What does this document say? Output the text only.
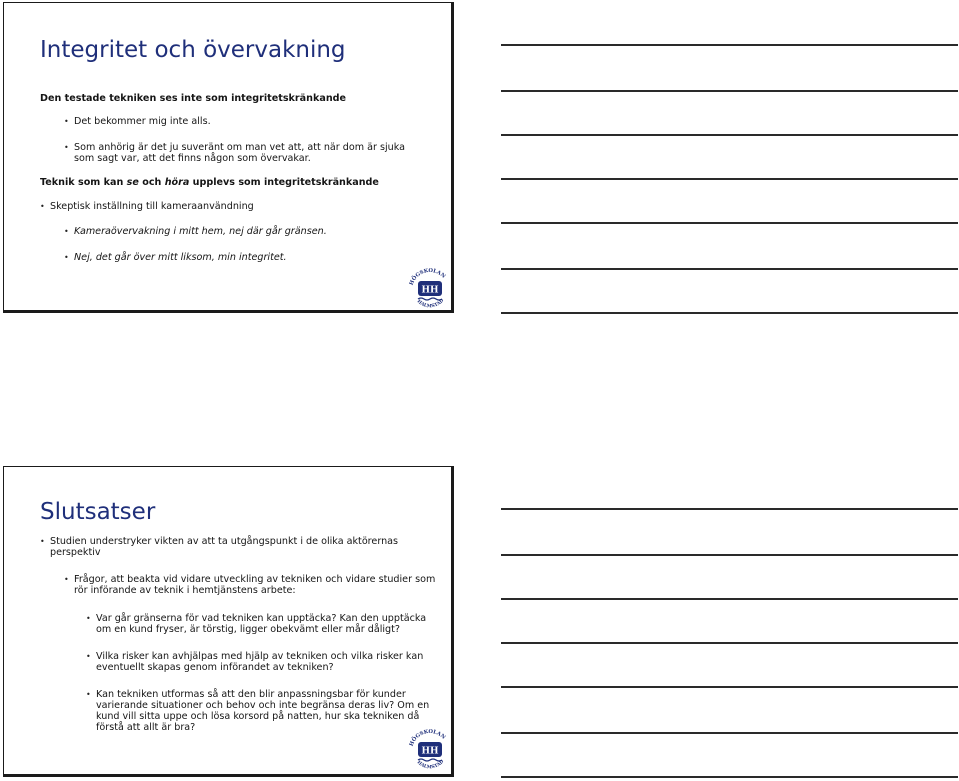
Integritet och övervakning
Den testade tekniken ses inte som integritetskränkande
• Det bekommer mig inte alls.
• Som anhörig är det ju suveränt om man vet att, att när dom är sjuka som sagt var, att det finns någon som övervakar.
Teknik som kan se och höra upplevs som integritetskränkande
• Skeptisk inställning till kameraanvändning
• Kameraövervakning i mitt hem, nej där går gränsen.
• Nej, det går över mitt liksom, min integritet.
HÖGSKOLAN
HH
HALMSTAD
Slutsatser
• Studien understryker vikten av att ta utgångspunkt i de olika aktörernas perspektiv
• Frågor, att beakta vid vidare utveckling av tekniken och vidare studier som rör införande av teknik i hemtjänstens arbete:
• Var går gränserna för vad tekniken kan upptäcka? Kan den upptäcka om en kund fryser, är törstig, ligger obekvämt eller mår dåligt?
• Vilka risker kan avhjälpas med hjälp av tekniken och vilka risker kan eventuellt skapas genom införandet av tekniken?
• Kan tekniken utformas så att den blir anpassningsbar för kunder varierande situationer och behov och inte begränsa deras liv? Om en kund vill sitta uppe och lösa korsord på natten, hur ska tekniken då förstå att allt är bra?
HÖGSKOLAN
HH
HALMSTAD
